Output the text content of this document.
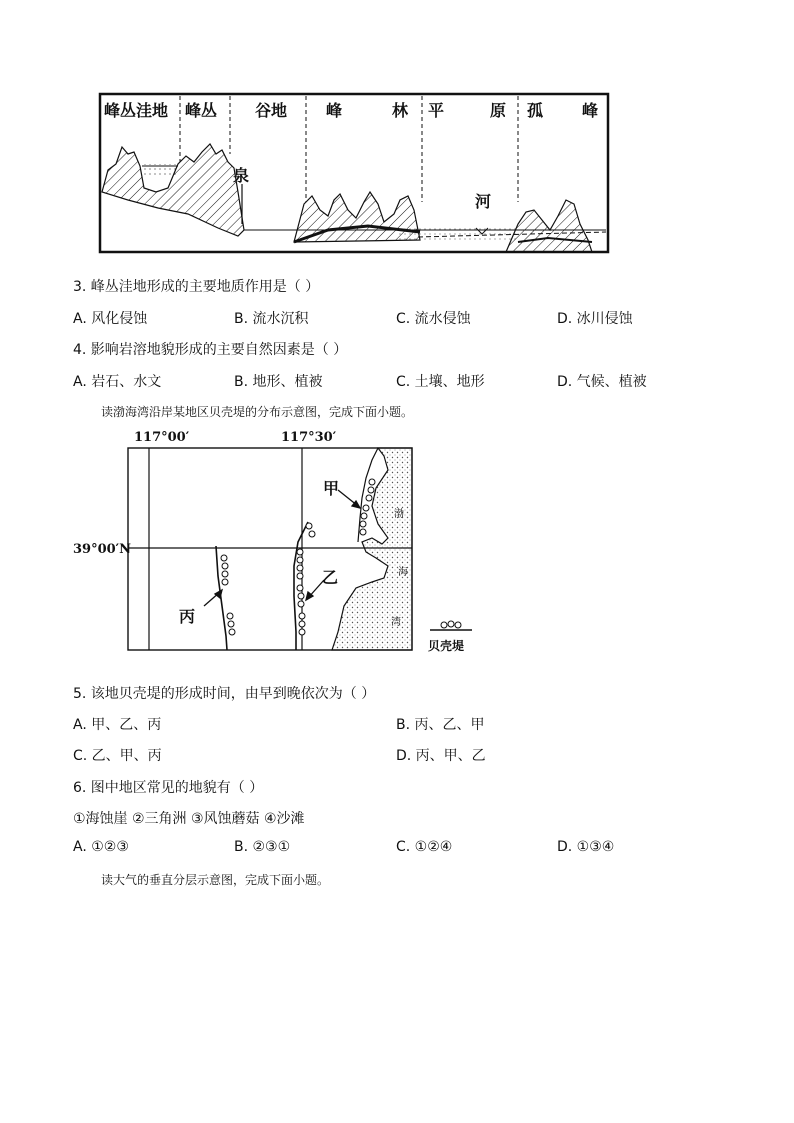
峰丛洼地 峰丛 谷地 峰	林 平	原 孤 峰
泉
河
3. 峰丛洼地形成的主要地质作用是（ ）
A. 风化侵蚀	B. 流水沉积	C. 流水侵蚀	D. 冰川侵蚀
4. 影响岩溶地貌形成的主要自然因素是（ ）
A. 岩石、水文	B. 地形、植被	C. 土壤、地形	D. 气候、植被
读渤海湾沿岸某地区贝壳堤的分布示意图，完成下面小题。
117°00′	117°30′
39°00′N
甲
乙
丙
渤
海
湾
贝壳堤
5. 该地贝壳堤的形成时间，由早到晚依次为（ ）
A. 甲、乙、丙	B. 丙、乙、甲
C. 乙、甲、丙	D. 丙、甲、乙
6. 图中地区常见的地貌有（ ）
①海蚀崖 ②三角洲 ③风蚀蘑菇 ④沙滩
A. ①②③	B. ②③①	C. ①②④	D. ①③④
读大气的垂直分层示意图，完成下面小题。
